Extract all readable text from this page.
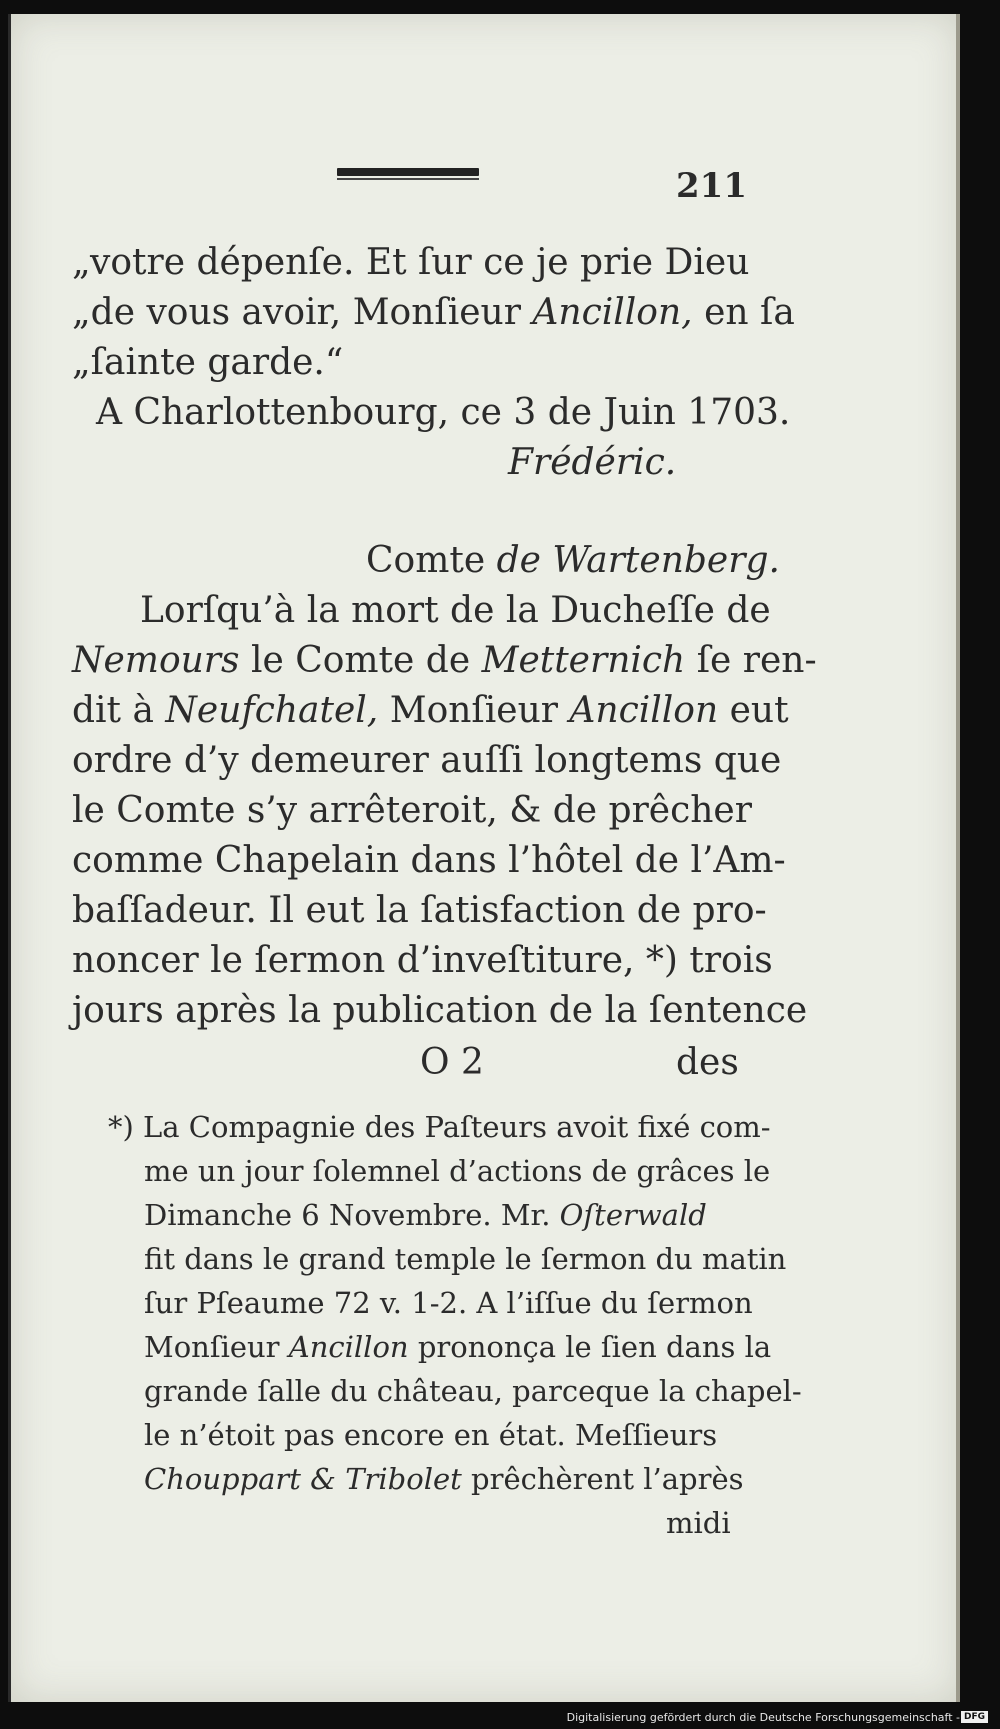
211
„votre dépenſe. Et ſur ce je prie Dieu
„de vous avoir, Monſieur Ancillon, en ſa
„ſainte garde.“
A Charlottenbourg, ce 3 de Juin 1703.
Frédéric.
Comte de Wartenberg.
Lorſqu’à la mort de la Ducheſſe de
Nemours le Comte de Metternich ſe ren-
dit à Neufchatel, Monſieur Ancillon eut
ordre d’y demeurer auſſi longtems que
le Comte s’y arrêteroit, & de prêcher
comme Chapelain dans l’hôtel de l’Am-
baſſadeur. Il eut la ſatisfaction de pro-
noncer le ſermon d’inveſtiture, *) trois
jours après la publication de la ſentence
O 2	des
*) La Compagnie des Paſteurs avoit fixé com-
me un jour ſolemnel d’actions de grâces le
Dimanche 6 Novembre. Mr. Oſterwald
fit dans le grand temple le ſermon du matin
ſur Pſeaume 72 v. 1-2. A l’iſſue du ſermon
Monſieur Ancillon prononça le ſien dans la
grande ſalle du château, parceque la chapel-
le n’étoit pas encore en état. Meſſieurs
Chouppart & Tribolet prêchèrent l’après
midi
Digitalisierung gefördert durch die Deutsche Forschungsgemeinschaft - DFG
